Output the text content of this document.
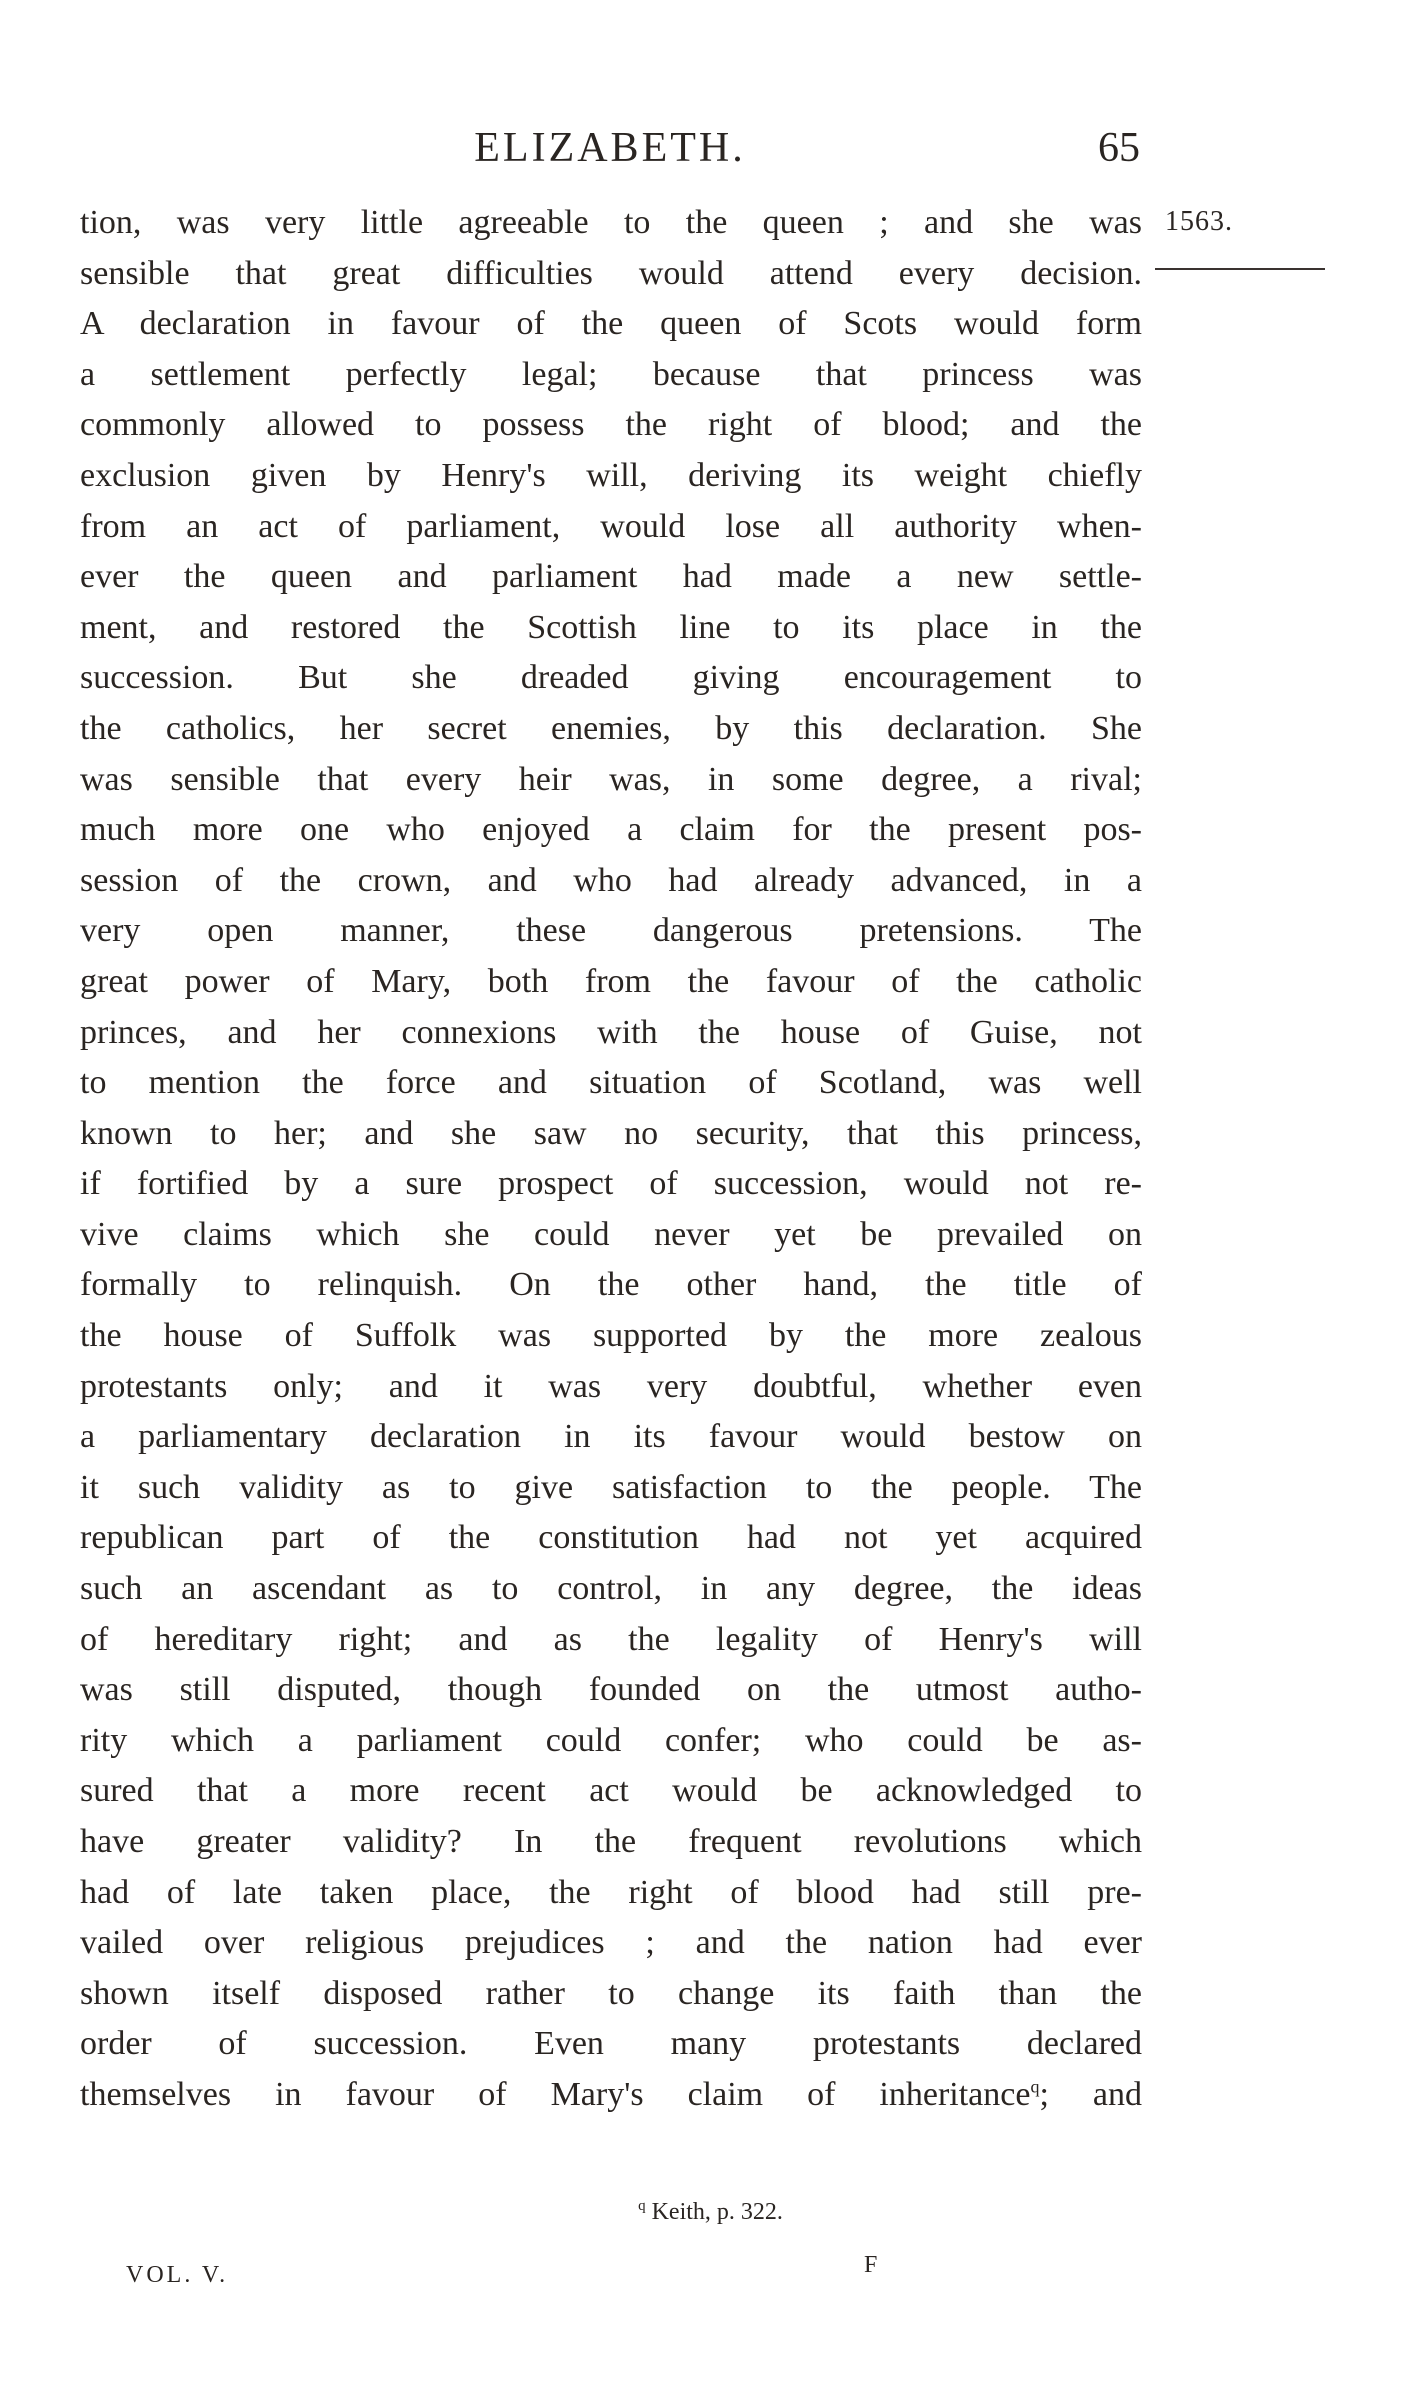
ELIZABETH.	65
1563.
tion, was very little agreeable to the queen ; and she was
sensible that great difficulties would attend every decision.
A declaration in favour of the queen of Scots would form
a settlement perfectly legal; because that princess was
commonly allowed to possess the right of blood; and the
exclusion given by Henry's will, deriving its weight chiefly
from an act of parliament, would lose all authority when-
ever the queen and parliament had made a new settle-
ment, and restored the Scottish line to its place in the
succession. But she dreaded giving encouragement to
the catholics, her secret enemies, by this declaration. She
was sensible that every heir was, in some degree, a rival;
much more one who enjoyed a claim for the present pos-
session of the crown, and who had already advanced, in a
very open manner, these dangerous pretensions. The
great power of Mary, both from the favour of the catholic
princes, and her connexions with the house of Guise, not
to mention the force and situation of Scotland, was well
known to her; and she saw no security, that this princess,
if fortified by a sure prospect of succession, would not re-
vive claims which she could never yet be prevailed on
formally to relinquish. On the other hand, the title of
the house of Suffolk was supported by the more zealous
protestants only; and it was very doubtful, whether even
a parliamentary declaration in its favour would bestow on
it such validity as to give satisfaction to the people. The
republican part of the constitution had not yet acquired
such an ascendant as to control, in any degree, the ideas
of hereditary right; and as the legality of Henry's will
was still disputed, though founded on the utmost autho-
rity which a parliament could confer; who could be as-
sured that a more recent act would be acknowledged to
have greater validity? In the frequent revolutions which
had of late taken place, the right of blood had still pre-
vailed over religious prejudices ; and the nation had ever
shown itself disposed rather to change its faith than the
order of succession. Even many protestants declared
themselves in favour of Mary's claim of inheritance$^q$; and
$^q$ Keith, p. 322.
VOL. V.	F
